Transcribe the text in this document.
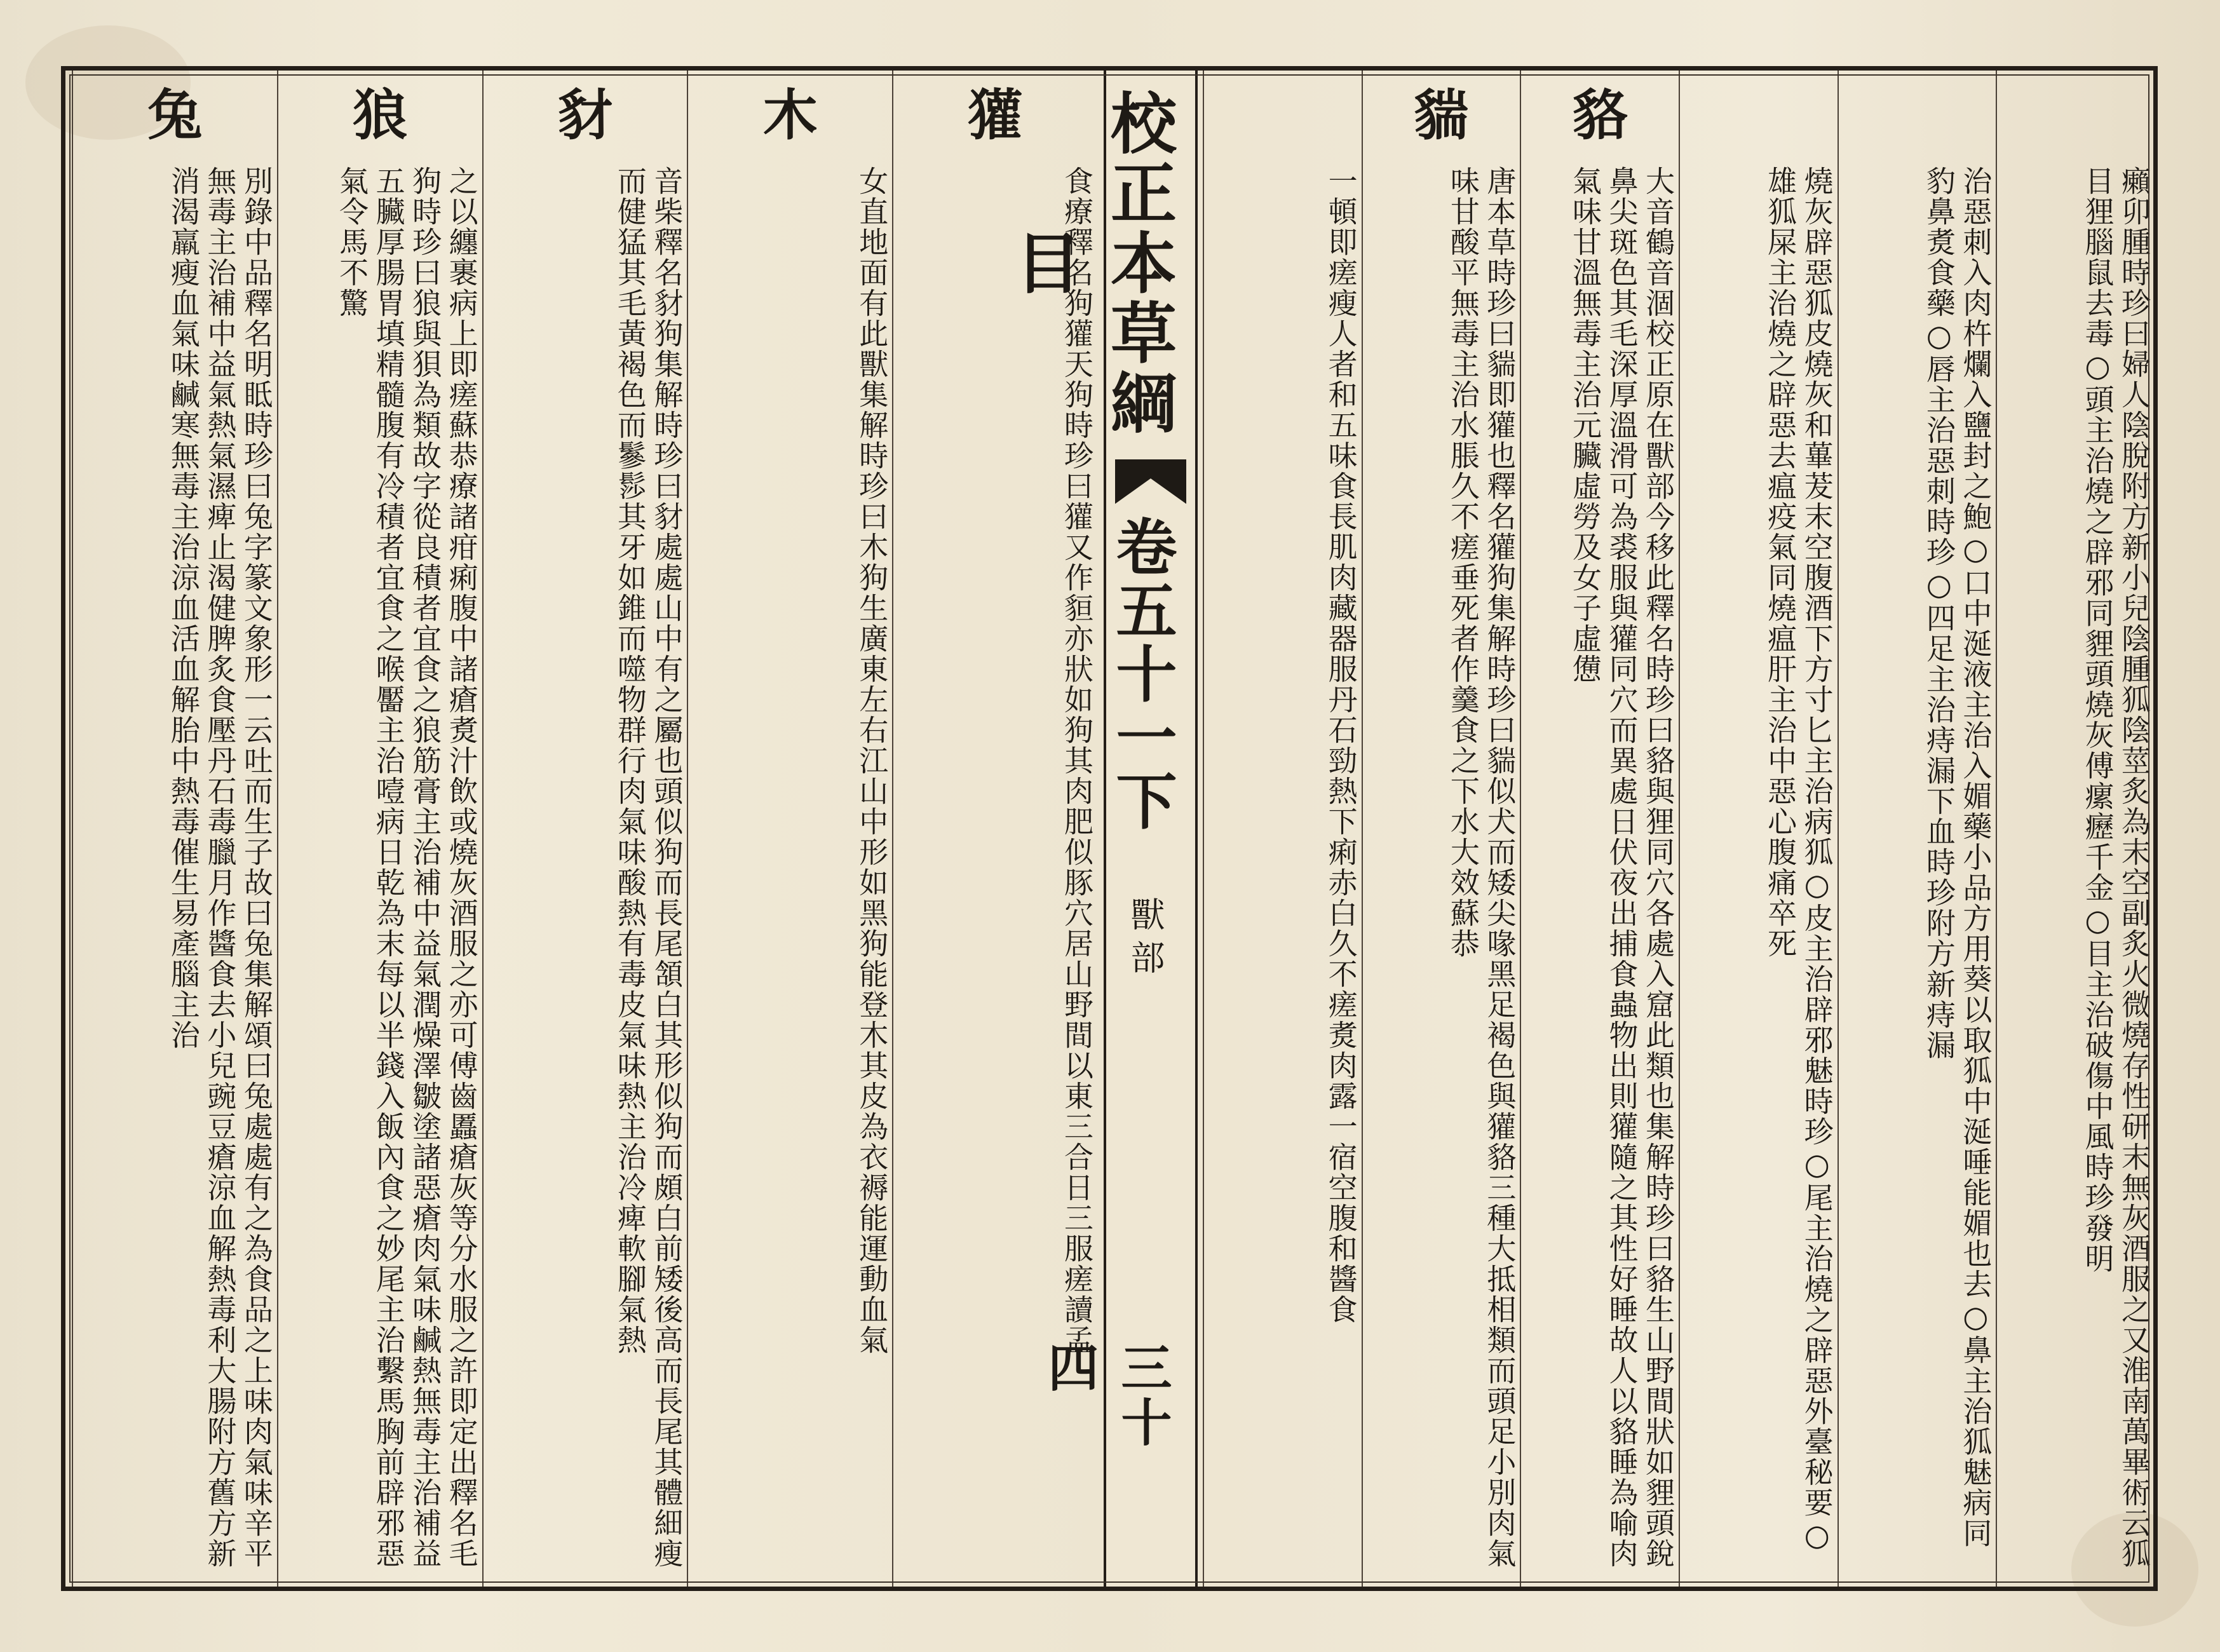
癩卯腫時珍曰婦人陰脫附方新小兒陰腫狐陰莖炙為末空副炙火微燒存性研末無灰酒服之又淮南萬畢術云狐目狸腦鼠去毒○頭主治燒之辟邪同貍頭燒灰傅瘰癧千金○目主治破傷中風時珍發明
治惡刺入肉杵爛入鹽封之鮑○口中涎液主治入媚藥小品方用葵以取狐中涎唾能媚也去○鼻主治狐魅病同豹鼻煑食藥○唇主治惡刺時珍○四足主治痔漏下血時珍附方新痔漏
燒灰辟惡狐皮燒灰和蓽茇末空腹酒下方寸匕主治病狐○皮主治辟邪魅時珍○尾主治燒之辟惡外臺秘要○雄狐屎主治燒之辟惡去瘟疫氣同燒瘟肝主治中惡心腹痛卒死
貉
大音鶴音涸校正原在獸部今移此釋名時珍曰貉與狸同穴各處入窟此類也集解時珍曰貉生山野間狀如貍頭銳鼻尖斑色其毛深厚溫滑可為裘服與獾同穴而異處日伏夜出捕食蟲物出則獾隨之其性好睡故人以貉睡為喻肉氣味甘溫無毒主治元臟虛勞及女子虛憊
貒
唐本草時珍曰貒即獾也釋名獾狗集解時珍曰貒似犬而矮尖喙黑足褐色與獾貉三種大抵相類而頭足小別肉氣味甘酸平無毒主治水脹久不瘥垂死者作羹食之下水大效蘇恭
一頓即瘥瘦人者和五味食長肌肉藏器服丹石勁熱下痢赤白久不瘥煑肉露一宿空腹和醬食
校正本草綱目
卷五十一下
獸部
三十四
獾
食療釋名狗獾天狗時珍曰獾又作貆亦狀如狗其肉肥似豚穴居山野間以東三合日三服瘥讀孟
木
女直地面有此獸集解時珍曰木狗生廣東左右江山中形如黑狗能登木其皮為衣褥能運動血氣
豺
音柴釋名豺狗集解時珍曰豺處處山中有之屬也頭似狗而長尾頷白其形似狗而頗白前矮後高而長尾其體細瘦而健猛其毛黃褐色而鬖髿其牙如錐而噬物群行肉氣味酸熱有毒皮氣味熱主治冷痺軟腳氣熱
狼
之以纏裹病上即瘥蘇恭療諸疳痢腹中諸瘡煑汁飲或燒灰酒服之亦可傅齒䘌瘡灰等分水服之許即定出釋名毛狗時珍曰狼與狽為類故字從良積者宜食之狼筋膏主治補中益氣潤燥澤皺塗諸惡瘡肉氣味鹹熱無毒主治補益五臟厚腸胃填精髓腹有冷積者宜食之喉靨主治噎病日乾為末每以半錢入飯內食之妙尾主治繫馬胸前辟邪惡氣令馬不驚
兔
別錄中品釋名明眡時珍曰兔字篆文象形一云吐而生子故曰兔集解頌曰兔處處有之為食品之上味肉氣味辛平無毒主治補中益氣熱氣濕痺止渴健脾炙食壓丹石毒臘月作醬食去小兒豌豆瘡涼血解熱毒利大腸附方舊方新消渴羸瘦血氣味鹹寒無毒主治涼血活血解胎中熱毒催生易產腦主治
